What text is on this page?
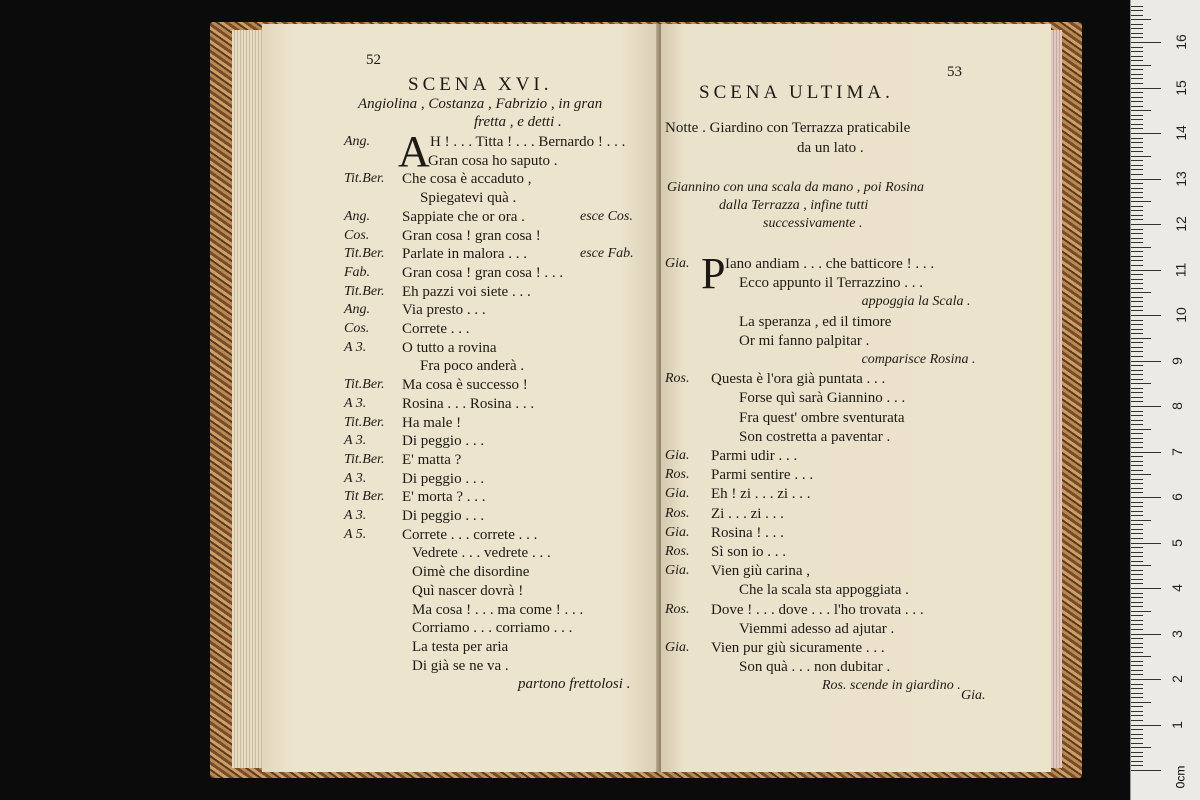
52
SCENA XVI.
Angiolina , Costanza , Fabrizio , in gran
fretta , e detti .
A
Ang.	H ! . . . Titta ! . . . Bernardo ! . . .
Gran cosa ho saputo .
Tit.Ber. Che cosa è accaduto ,
Spiegatevi quà .
Ang. Sappiate che or ora .	esce Cos.
Cos. Gran cosa ! gran cosa !
Tit.Ber. Parlate in malora . . .	esce Fab.
Fab. Gran cosa ! gran cosa ! . . .
Tit.Ber. Eh pazzi voi siete . . .
Ang. Via presto . . .
Cos. Correte . . .
A 3. O tutto a rovina
Fra poco anderà .
Tit.Ber. Ma cosa è successo !
A 3. Rosina . . . Rosina . . .
Tit.Ber. Ha male !
A 3. Di peggio . . .
Tit.Ber. E' matta ?
A 3. Di peggio . . .
Tit Ber. E' morta ? . . .
A 3. Di peggio . . .
A 5. Correte . . . correte . . .
Vedrete . . . vedrete . . .
Oimè che disordine
Quì nascer dovrà !
Ma cosa ! . . . ma come ! . . .
Corriamo . . . corriamo . . .
La testa per aria
Di già se ne va .
partono frettolosi .
53
SCENA ULTIMA.
Notte . Giardino con Terrazza praticabile
da un lato .
Giannino con una scala da mano , poi Rosina
dalla Terrazza , infine tutti
successivamente .
P
Gia. Iano andiam . . . che batticore ! . . .
Ecco appunto il Terrazzino . . .
appoggia la Scala .
La speranza , ed il timore
Or mi fanno palpitar .
comparisce Rosina .
Ros. Questa è l'ora già puntata . . .
Forse quì sarà Giannino . . .
Fra quest' ombre sventurata
Son costretta a paventar .
Gia. Parmi udir . . .
Ros. Parmi sentire . . .
Gia. Eh ! zi . . . zi . . .
Ros. Zi . . . zi . . .
Gia. Rosina ! . . .
Ros. Sì son io . . .
Gia. Vien giù carina ,
Che la scala sta appoggiata .
Ros. Dove ! . . . dove . . . l'ho trovata . . .
Viemmi adesso ad ajutar .
Gia. Vien pur giù sicuramente . . .
Son quà . . . non dubitar .
Ros. scende in giardino .
Gia.
0cm
1
2
3
4
5
6
7
8
9
10
11
12
13
14
15
16
